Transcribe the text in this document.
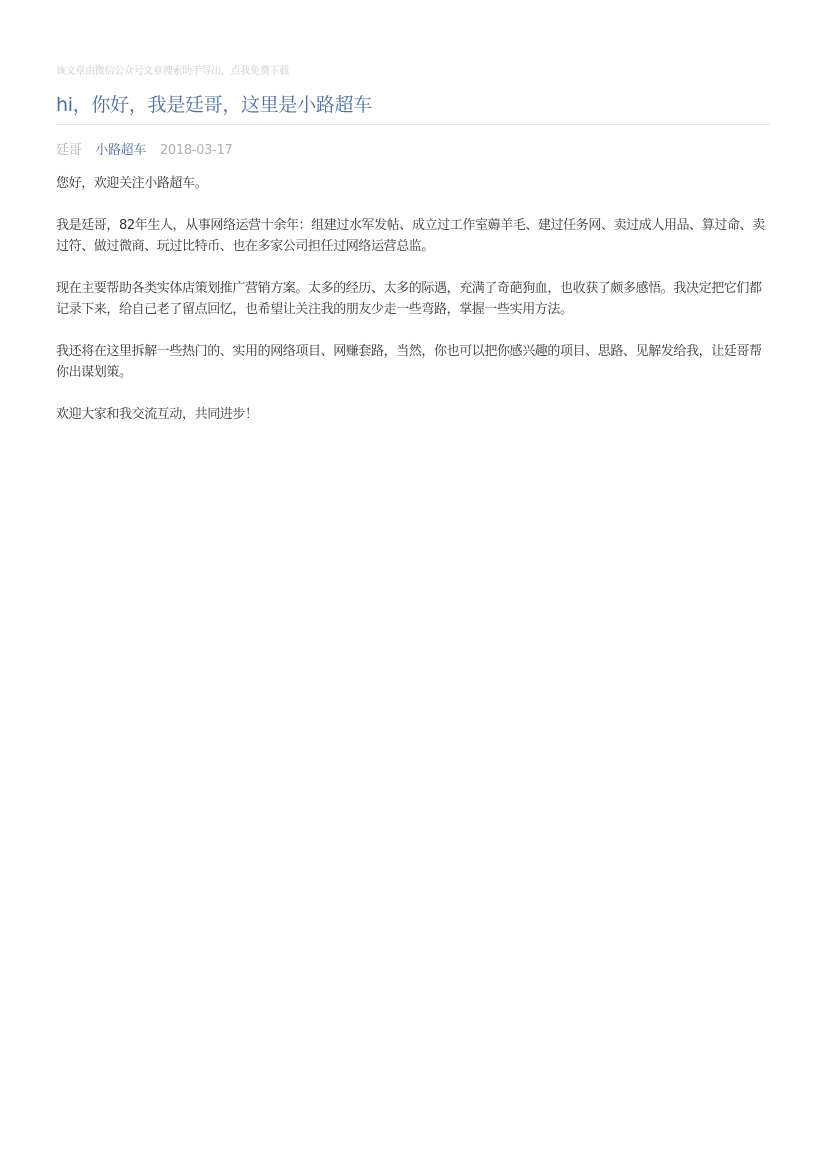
该文章由微信公众号文章搜索助手导出，点我免费下载
hi，你好，我是廷哥，这里是小路超车
廷哥 小路超车 2018-03-17

您好，欢迎关注小路超车。

我是廷哥，82年生人，从事网络运营十余年：组建过水军发帖、成立过工作室薅羊毛、建过任务网、卖过成人用品、算过命、卖过符、做过微商、玩过比特币、也在多家公司担任过网络运营总监。

现在主要帮助各类实体店策划推广营销方案。太多的经历、太多的际遇，充满了奇葩狗血，也收获了颇多感悟。我决定把它们都记录下来，给自己老了留点回忆，也希望让关注我的朋友少走一些弯路，掌握一些实用方法。

我还将在这里拆解一些热门的、实用的网络项目、网赚套路，当然，你也可以把你感兴趣的项目、思路、见解发给我，让廷哥帮你出谋划策。

欢迎大家和我交流互动，共同进步！
